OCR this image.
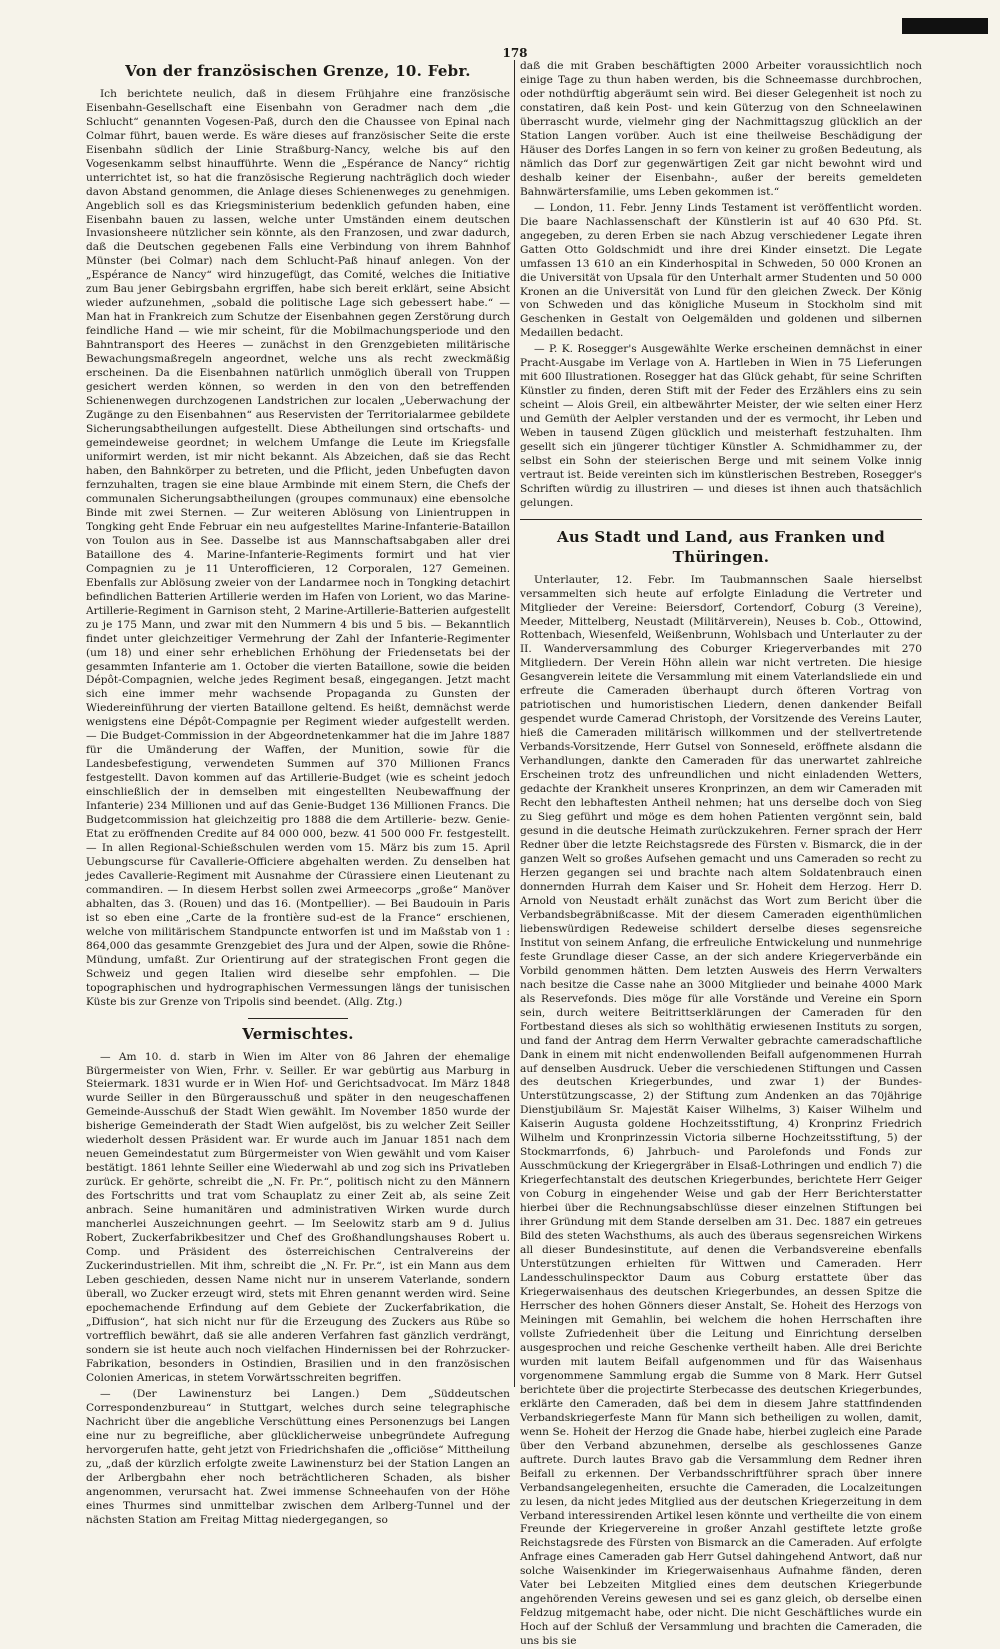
178
Von der französischen Grenze, 10. Febr.

Ich berichtete neulich, daß in diesem Frühjahre eine französische Eisenbahn-Gesellschaft eine Eisenbahn von Geradmer nach dem „die Schlucht“ genannten Vogesen-Paß, durch den die Chaussee von Epinal nach Colmar führt, bauen werde. Es wäre dieses auf französischer Seite die erste Eisenbahn südlich der Linie Straßburg-Nancy, welche bis auf den Vogesenkamm selbst hinaufführte. Wenn die „Espérance de Nancy“ richtig unterrichtet ist, so hat die französische Regierung nachträglich doch wieder davon Abstand genommen, die Anlage dieses Schienenweges zu genehmigen. Angeblich soll es das Kriegsministerium bedenklich gefunden haben, eine Eisenbahn bauen zu lassen, welche unter Umständen einem deutschen Invasionsheere nützlicher sein könnte, als den Franzosen, und zwar dadurch, daß die Deutschen gegebenen Falls eine Verbindung von ihrem Bahnhof Münster (bei Colmar) nach dem Schlucht-Paß hinauf anlegen. Von der „Espérance de Nancy“ wird hinzugefügt, das Comité, welches die Initiative zum Bau jener Gebirgsbahn ergriffen, habe sich bereit erklärt, seine Absicht wieder aufzunehmen, „sobald die politische Lage sich gebessert habe.“ — Man hat in Frankreich zum Schutze der Eisenbahnen gegen Zerstörung durch feindliche Hand — wie mir scheint, für die Mobilmachungsperiode und den Bahntransport des Heeres — zunächst in den Grenzgebieten militärische Bewachungsmaßregeln angeordnet, welche uns als recht zweckmäßig erscheinen. Da die Eisenbahnen natürlich unmöglich überall von Truppen gesichert werden können, so werden in den von den betreffenden Schienenwegen durchzogenen Landstrichen zur localen „Ueberwachung der Zugänge zu den Eisenbahnen“ aus Reservisten der Territorialarmee gebildete Sicherungsabtheilungen aufgestellt. Diese Abtheilungen sind ortschafts- und gemeindeweise geordnet; in welchem Umfange die Leute im Kriegsfalle uniformirt werden, ist mir nicht bekannt. Als Abzeichen, daß sie das Recht haben, den Bahnkörper zu betreten, und die Pflicht, jeden Unbefugten davon fernzuhalten, tragen sie eine blaue Armbinde mit einem Stern, die Chefs der communalen Sicherungsabtheilungen (groupes communaux) eine ebensolche Binde mit zwei Sternen. — Zur weiteren Ablösung von Linientruppen in Tongking geht Ende Februar ein neu aufgestelltes Marine-Infanterie-Bataillon von Toulon aus in See. Dasselbe ist aus Mannschaftsabgaben aller drei Bataillone des 4. Marine-Infanterie-Regiments formirt und hat vier Compagnien zu je 11 Unterofficieren, 12 Corporalen, 127 Gemeinen. Ebenfalls zur Ablösung zweier von der Landarmee noch in Tongking detachirt befindlichen Batterien Artillerie werden im Hafen von Lorient, wo das Marine-Artillerie-Regiment in Garnison steht, 2 Marine-Artillerie-Batterien aufgestellt zu je 175 Mann, und zwar mit den Nummern 4 bis und 5 bis. — Bekanntlich findet unter gleichzeitiger Vermehrung der Zahl der Infanterie-Regimenter (um 18) und einer sehr erheblichen Erhöhung der Friedensetats bei der gesammten Infanterie am 1. October die vierten Bataillone, sowie die beiden Dépôt-Compagnien, welche jedes Regiment besaß, eingegangen. Jetzt macht sich eine immer mehr wachsende Propaganda zu Gunsten der Wiedereinführung der vierten Bataillone geltend. Es heißt, demnächst werde wenigstens eine Dépôt-Compagnie per Regiment wieder aufgestellt werden. — Die Budget-Commission in der Abgeordnetenkammer hat die im Jahre 1887 für die Umänderung der Waffen, der Munition, sowie für die Landesbefestigung, verwendeten Summen auf 370 Millionen Francs festgestellt. Davon kommen auf das Artillerie-Budget (wie es scheint jedoch einschließlich der in demselben mit eingestellten Neubewaffnung der Infanterie) 234 Millionen und auf das Genie-Budget 136 Millionen Francs. Die Budgetcommission hat gleichzeitig pro 1888 die dem Artillerie- bezw. Genie-Etat zu eröffnenden Credite auf 84 000 000, bezw. 41 500 000 Fr. festgestellt. — In allen Regional-Schießschulen werden vom 15. März bis zum 15. April Uebungscurse für Cavallerie-Officiere abgehalten werden. Zu denselben hat jedes Cavallerie-Regiment mit Ausnahme der Cürassiere einen Lieutenant zu commandiren. — In diesem Herbst sollen zwei Armeecorps „große“ Manöver abhalten, das 3. (Rouen) und das 16. (Montpellier). — Bei Baudouin in Paris ist so eben eine „Carte de la frontière sud-est de la France“ erschienen, welche von militärischem Standpuncte entworfen ist und im Maßstab von 1 : 864,000 das gesammte Grenzgebiet des Jura und der Alpen, sowie die Rhône-Mündung, umfaßt. Zur Orientirung auf der strategischen Front gegen die Schweiz und gegen Italien wird dieselbe sehr empfohlen. — Die topographischen und hydrographischen Vermessungen längs der tunisischen Küste bis zur Grenze von Tripolis sind beendet. (Allg. Ztg.)

Vermischtes.

— Am 10. d. starb in Wien im Alter von 86 Jahren der ehemalige Bürgermeister von Wien, Frhr. v. Seiller. Er war gebürtig aus Marburg in Steiermark. 1831 wurde er in Wien Hof- und Gerichtsadvocat. Im März 1848 wurde Seiller in den Bürgerausschuß und später in den neugeschaffenen Gemeinde-Ausschuß der Stadt Wien gewählt. Im November 1850 wurde der bisherige Gemeinderath der Stadt Wien aufgelöst, bis zu welcher Zeit Seiller wiederholt dessen Präsident war. Er wurde auch im Januar 1851 nach dem neuen Gemeindestatut zum Bürgermeister von Wien gewählt und vom Kaiser bestätigt. 1861 lehnte Seiller eine Wiederwahl ab und zog sich ins Privatleben zurück. Er gehörte, schreibt die „N. Fr. Pr.“, politisch nicht zu den Männern des Fortschritts und trat vom Schauplatz zu einer Zeit ab, als seine Zeit anbrach. Seine humanitären und administrativen Wirken wurde durch mancherlei Auszeichnungen geehrt. — Im Seelowitz starb am 9 d. Julius Robert, Zuckerfabrikbesitzer und Chef des Großhandlungshauses Robert u. Comp. und Präsident des österreichischen Centralvereins der Zuckerindustriellen. Mit ihm, schreibt die „N. Fr. Pr.“, ist ein Mann aus dem Leben geschieden, dessen Name nicht nur in unserem Vaterlande, sondern überall, wo Zucker erzeugt wird, stets mit Ehren genannt werden wird. Seine epochemachende Erfindung auf dem Gebiete der Zuckerfabrikation, die „Diffusion“, hat sich nicht nur für die Erzeugung des Zuckers aus Rübe so vortrefflich bewährt, daß sie alle anderen Verfahren fast gänzlich verdrängt, sondern sie ist heute auch noch vielfachen Hindernissen bei der Rohrzucker-Fabrikation, besonders in Ostindien, Brasilien und in den französischen Colonien Americas, in stetem Vorwärtsschreiten begriffen.

— (Der Lawinensturz bei Langen.) Dem „Süddeutschen Correspondenzbureau“ in Stuttgart, welches durch seine telegraphische Nachricht über die angebliche Verschüttung eines Personenzugs bei Langen eine nur zu begreifliche, aber glücklicherweise unbegründete Aufregung hervorgerufen hatte, geht jetzt von Friedrichshafen die „officiöse“ Mittheilung zu, „daß der kürzlich erfolgte zweite Lawinensturz bei der Station Langen an der Arlbergbahn eher noch beträchtlicheren Schaden, als bisher angenommen, verursacht hat. Zwei immense Schneehaufen von der Höhe eines Thurmes sind unmittelbar zwischen dem Arlberg-Tunnel und der nächsten Station am Freitag Mittag niedergegangen, so

daß die mit Graben beschäftigten 2000 Arbeiter voraussichtlich noch einige Tage zu thun haben werden, bis die Schneemasse durchbrochen, oder nothdürftig abgeräumt sein wird. Bei dieser Gelegenheit ist noch zu constatiren, daß kein Post- und kein Güterzug von den Schneelawinen überrascht wurde, vielmehr ging der Nachmittagszug glücklich an der Station Langen vorüber. Auch ist eine theilweise Beschädigung der Häuser des Dorfes Langen in so fern von keiner zu großen Bedeutung, als nämlich das Dorf zur gegenwärtigen Zeit gar nicht bewohnt wird und deshalb keiner der Eisenbahn-, außer der bereits gemeldeten Bahnwärtersfamilie, ums Leben gekommen ist.“

— London, 11. Febr. Jenny Linds Testament ist veröffentlicht worden. Die baare Nachlassenschaft der Künstlerin ist auf 40 630 Pfd. St. angegeben, zu deren Erben sie nach Abzug verschiedener Legate ihren Gatten Otto Goldschmidt und ihre drei Kinder einsetzt. Die Legate umfassen 13 610 an ein Kinderhospital in Schweden, 50 000 Kronen an die Universität von Upsala für den Unterhalt armer Studenten und 50 000 Kronen an die Universität von Lund für den gleichen Zweck. Der König von Schweden und das königliche Museum in Stockholm sind mit Geschenken in Gestalt von Oelgemälden und goldenen und silbernen Medaillen bedacht.

— P. K. Rosegger's Ausgewählte Werke erscheinen demnächst in einer Pracht-Ausgabe im Verlage von A. Hartleben in Wien in 75 Lieferungen mit 600 Illustrationen. Rosegger hat das Glück gehabt, für seine Schriften Künstler zu finden, deren Stift mit der Feder des Erzählers eins zu sein scheint — Alois Greil, ein altbewährter Meister, der wie selten einer Herz und Gemüth der Aelpler verstanden und der es vermocht, ihr Leben und Weben in tausend Zügen glücklich und meisterhaft festzuhalten. Ihm gesellt sich ein jüngerer tüchtiger Künstler A. Schmidhammer zu, der selbst ein Sohn der steierischen Berge und mit seinem Volke innig vertraut ist. Beide vereinten sich im künstlerischen Bestreben, Rosegger's Schriften würdig zu illustriren — und dieses ist ihnen auch thatsächlich gelungen.

Aus Stadt und Land, aus Franken und Thüringen.

Unterlauter, 12. Febr. Im Taubmannschen Saale hierselbst versammelten sich heute auf erfolgte Einladung die Vertreter und Mitglieder der Vereine: Beiersdorf, Cortendorf, Coburg (3 Vereine), Meeder, Mittelberg, Neustadt (Militärverein), Neuses b. Cob., Ottowind, Rottenbach, Wiesenfeld, Weißenbrunn, Wohlsbach und Unterlauter zu der II. Wanderversammlung des Coburger Kriegerverbandes mit 270 Mitgliedern. Der Verein Höhn allein war nicht vertreten. Die hiesige Gesangverein leitete die Versammlung mit einem Vaterlandsliede ein und erfreute die Cameraden überhaupt durch öfteren Vortrag von patriotischen und humoristischen Liedern, denen dankender Beifall gespendet wurde Camerad Christoph, der Vorsitzende des Vereins Lauter, hieß die Cameraden militärisch willkommen und der stellvertretende Verbands-Vorsitzende, Herr Gutsel von Sonneseld, eröffnete alsdann die Verhandlungen, dankte den Cameraden für das unerwartet zahlreiche Erscheinen trotz des unfreundlichen und nicht einladenden Wetters, gedachte der Krankheit unseres Kronprinzen, an dem wir Cameraden mit Recht den lebhaftesten Antheil nehmen; hat uns derselbe doch von Sieg zu Sieg geführt und möge es dem hohen Patienten vergönnt sein, bald gesund in die deutsche Heimath zurückzukehren. Ferner sprach der Herr Redner über die letzte Reichstagsrede des Fürsten v. Bismarck, die in der ganzen Welt so großes Aufsehen gemacht und uns Cameraden so recht zu Herzen gegangen sei und brachte nach altem Soldatenbrauch einen donnernden Hurrah dem Kaiser und Sr. Hoheit dem Herzog. Herr D. Arnold von Neustadt erhält zunächst das Wort zum Bericht über die Verbandsbegräbnißcasse. Mit der diesem Cameraden eigenthümlichen liebenswürdigen Redeweise schildert derselbe dieses segensreiche Institut von seinem Anfang, die erfreuliche Entwickelung und nunmehrige feste Grundlage dieser Casse, an der sich andere Kriegerverbände ein Vorbild genommen hätten. Dem letzten Ausweis des Herrn Verwalters nach besitze die Casse nahe an 3000 Mitglieder und beinahe 4000 Mark als Reservefonds. Dies möge für alle Vorstände und Vereine ein Sporn sein, durch weitere Beitrittserklärungen der Cameraden für den Fortbestand dieses als sich so wohlthätig erwiesenen Instituts zu sorgen, und fand der Antrag dem Herrn Verwalter gebrachte cameradschaftliche Dank in einem mit nicht endenwollenden Beifall aufgenommenen Hurrah auf denselben Ausdruck. Ueber die verschiedenen Stiftungen und Cassen des deutschen Kriegerbundes, und zwar 1) der Bundes-Unterstützungscasse, 2) der Stiftung zum Andenken an das 70jährige Dienstjubiläum Sr. Majestät Kaiser Wilhelms, 3) Kaiser Wilhelm und Kaiserin Augusta goldene Hochzeitsstiftung, 4) Kronprinz Friedrich Wilhelm und Kronprinzessin Victoria silberne Hochzeitsstiftung, 5) der Stockmarrfonds, 6) Jahrbuch- und Parolefonds und Fonds zur Ausschmückung der Kriegergräber in Elsaß-Lothringen und endlich 7) die Kriegerfechtanstalt des deutschen Kriegerbundes, berichtete Herr Geiger von Coburg in eingehender Weise und gab der Herr Berichterstatter hierbei über die Rechnungsabschlüsse dieser einzelnen Stiftungen bei ihrer Gründung mit dem Stande derselben am 31. Dec. 1887 ein getreues Bild des steten Wachsthums, als auch des überaus segensreichen Wirkens all dieser Bundesinstitute, auf denen die Verbandsvereine ebenfalls Unterstützungen erhielten für Wittwen und Cameraden. Herr Landesschulinspecktor Daum aus Coburg erstattete über das Kriegerwaisenhaus des deutschen Kriegerbundes, an dessen Spitze die Herrscher des hohen Gönners dieser Anstalt, Se. Hoheit des Herzogs von Meiningen mit Gemahlin, bei welchem die hohen Herrschaften ihre vollste Zufriedenheit über die Leitung und Einrichtung derselben ausgesprochen und reiche Geschenke vertheilt haben. Alle drei Berichte wurden mit lautem Beifall aufgenommen und für das Waisenhaus vorgenommene Sammlung ergab die Summe von 8 Mark. Herr Gutsel berichtete über die projectirte Sterbecasse des deutschen Kriegerbundes, erklärte den Cameraden, daß bei dem in diesem Jahre stattfindenden Verbandskriegerfeste Mann für Mann sich betheiligen zu wollen, damit, wenn Se. Hoheit der Herzog die Gnade habe, hierbei zugleich eine Parade über den Verband abzunehmen, derselbe als geschlossenes Ganze auftrete. Durch lautes Bravo gab die Versammlung dem Redner ihren Beifall zu erkennen. Der Verbandsschriftführer sprach über innere Verbandsangelegenheiten, ersuchte die Cameraden, die Localzeitungen zu lesen, da nicht jedes Mitglied aus der deutschen Kriegerzeitung in dem Verband interessirenden Artikel lesen könnte und vertheilte die von einem Freunde der Kriegervereine in großer Anzahl gestiftete letzte große Reichstagsrede des Fürsten von Bismarck an die Cameraden. Auf erfolgte Anfrage eines Cameraden gab Herr Gutsel dahingehend Antwort, daß nur solche Waisenkinder im Kriegerwaisenhaus Aufnahme fänden, deren Vater bei Lebzeiten Mitglied eines dem deutschen Kriegerbunde angehörenden Vereins gewesen und sei es ganz gleich, ob derselbe einen Feldzug mitgemacht habe, oder nicht. Die nicht Geschäftliches wurde ein Hoch auf der Schluß der Versammlung und brachten die Cameraden, die uns bis sie
